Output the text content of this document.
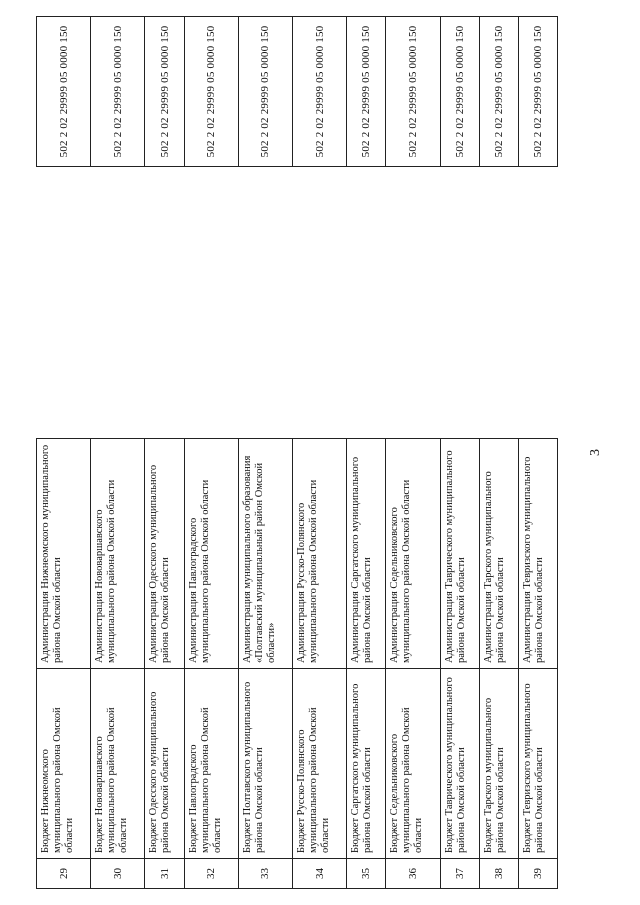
3
29	Бюджет Нижнеомского муниципального района Омской области	Администрация Нижнеомского муниципального района Омской области		502 2 02 29999 05 0000 150
30	Бюджет Нововаршавского муниципального района Омской области	Администрация Нововаршавского муниципального района Омской области		502 2 02 29999 05 0000 150
31	Бюджет Одесского муниципального района Омской области	Администрация Одесского муниципального района Омской области		502 2 02 29999 05 0000 150
32	Бюджет Павлоградского муниципального района Омской области	Администрация Павлоградского муниципального района Омской области		502 2 02 29999 05 0000 150
33	Бюджет Полтавского муниципального района Омской области	Администрация муниципального образования «Полтавский муниципальный район Омской области»		502 2 02 29999 05 0000 150
34	Бюджет Русско-Полянского муниципального района Омской области	Администрация Русско-Полянского муниципального района Омской области		502 2 02 29999 05 0000 150
35	Бюджет Саргатского муниципального района Омской области	Администрация Саргатского муниципального района Омской области		502 2 02 29999 05 0000 150
36	Бюджет Седельниковского муниципального района Омской области	Администрация Седельниковского муниципального района Омской области		502 2 02 29999 05 0000 150
37	Бюджет Таврического муниципального района Омской области	Администрация Таврического муниципального района Омской области		502 2 02 29999 05 0000 150
38	Бюджет Тарского муниципального района Омской области	Администрация Тарского муниципального района Омской области		502 2 02 29999 05 0000 150
39	Бюджет Тевризского муниципального района Омской области	Администрация Тевризского муниципального района Омской области		502 2 02 29999 05 0000 150
